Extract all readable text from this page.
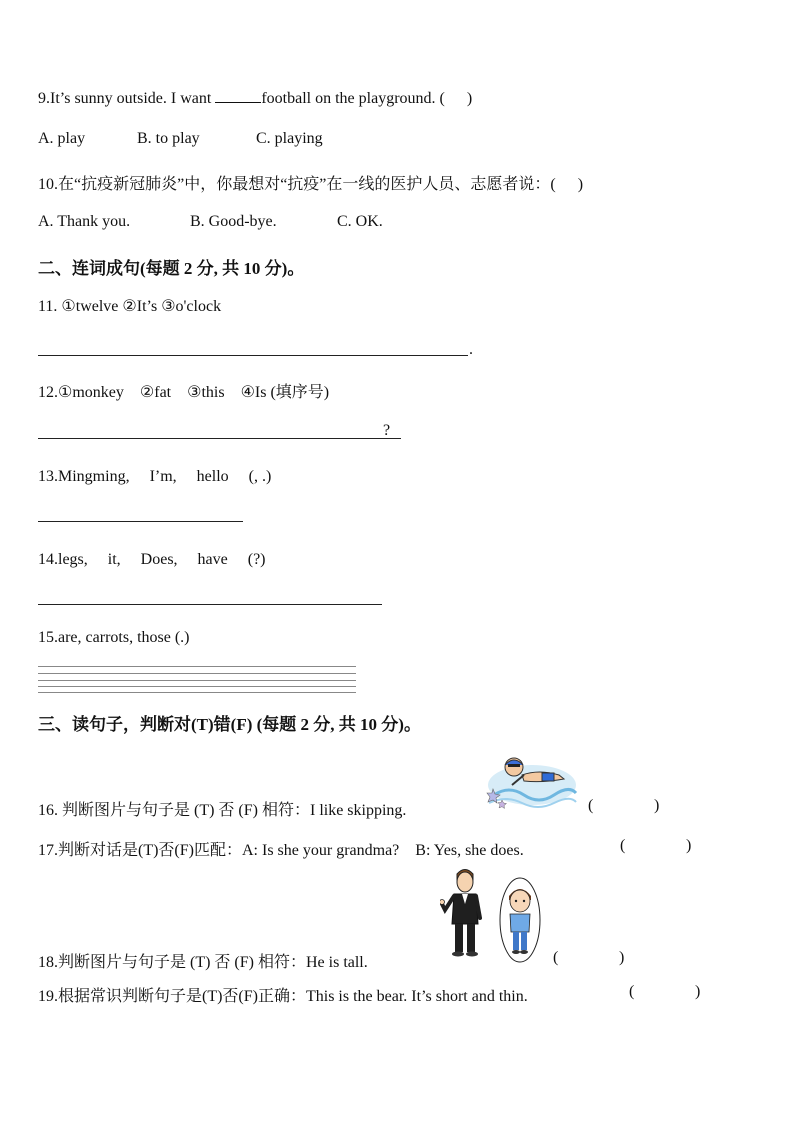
9.It’s sunny outside. I want	football on the playground. ( )
A. play	B. to play	C. playing
10.在“抗疫新冠肺炎”中，你最想对“抗疫”在一线的医护人员、志愿者说：( )
A. Thank you.	B. Good-bye.	C. OK.
二、连词成句(每题 2 分, 共 10 分)。
11. ①twelve ②It’s ③o'clock
.
12.①monkey　②fat　③this　④Is (填序号)
?
13.Mingming,　 I’m,　 hello　 (, .)
14.legs,　 it,　 Does,　 have　 (?)
15.are, carrots, those (.)
三、读句子，判断对(T)错(F) (每题 2 分, 共 10 分)。
16. 判断图片与句子是 (T) 否 (F) 相符：I like skipping.	(	)
17.判断对话是(T)否(F)匹配：A: Is she your grandma?　B: Yes, she does.	(	)
18.判断图片与句子是 (T) 否 (F) 相符：He is tall.	(	)
19.根据常识判断句子是(T)否(F)正确：This is the bear. It’s short and thin.	(	)
